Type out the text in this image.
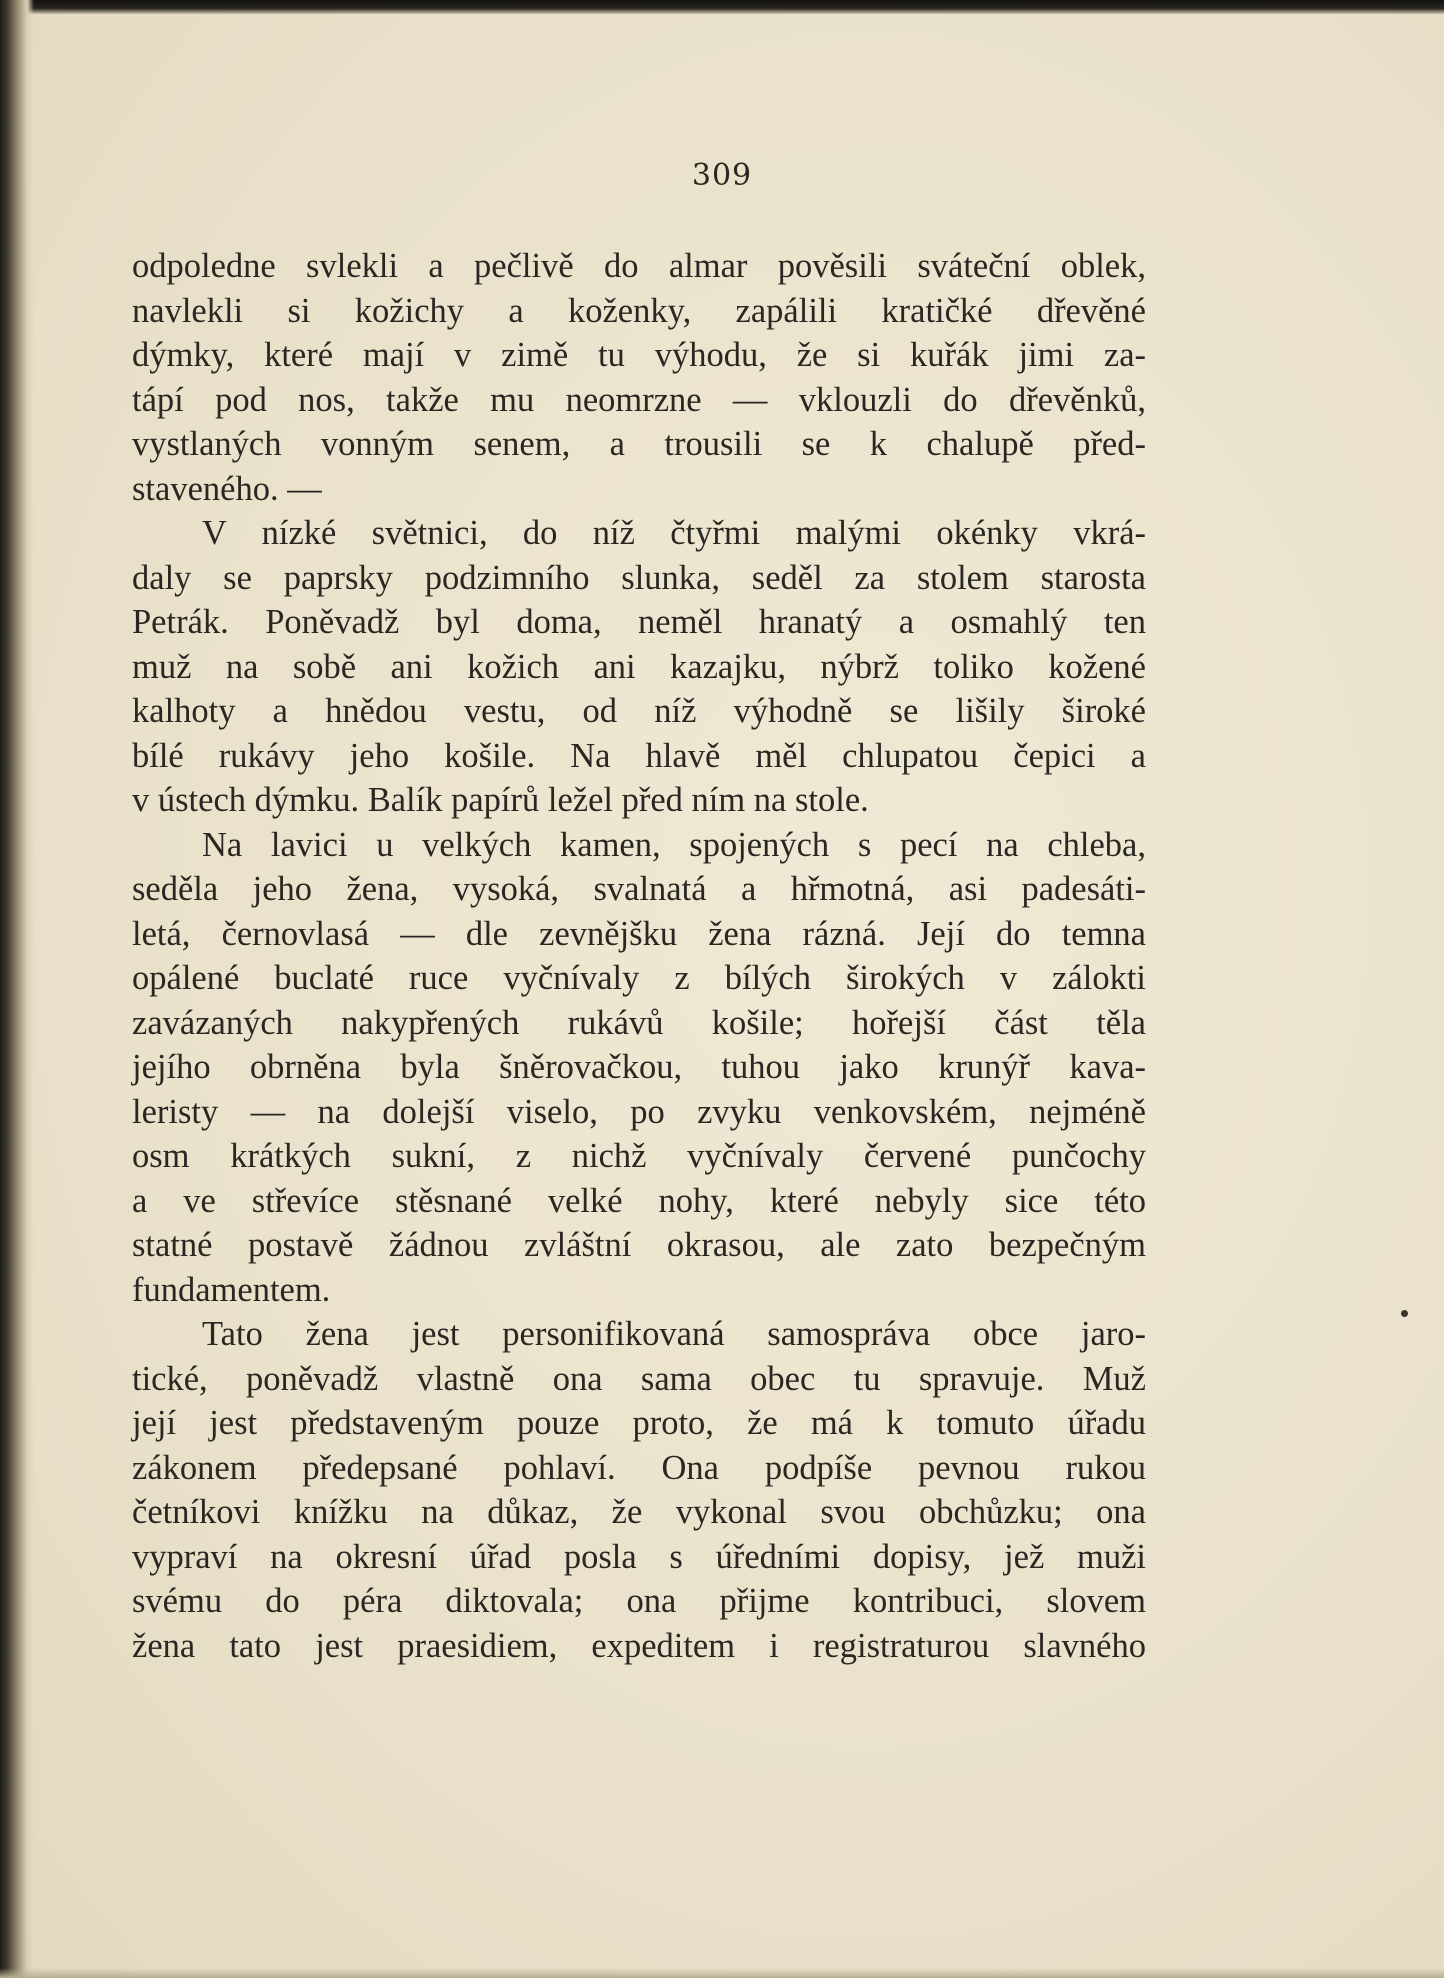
309
odpoledne svlekli a pečlivě do almar pověsili sváteční oblek,
navlekli si kožichy a koženky, zapálili kratičké dřevěné
dýmky, které mají v zimě tu výhodu, že si kuřák jimi za-
tápí pod nos, takže mu neomrzne — vklouzli do dřevěnků,
vystlaných vonným senem, a trousili se k chalupě před-
staveného. —
V nízké světnici, do níž čtyřmi malými okénky vkrá-
daly se paprsky podzimního slunka, seděl za stolem starosta
Petrák. Poněvadž byl doma, neměl hranatý a osmahlý ten
muž na sobě ani kožich ani kazajku, nýbrž toliko kožené
kalhoty a hnědou vestu, od níž výhodně se lišily široké
bílé rukávy jeho košile. Na hlavě měl chlupatou čepici a
v ústech dýmku. Balík papírů ležel před ním na stole.
Na lavici u velkých kamen, spojených s pecí na chleba,
seděla jeho žena, vysoká, svalnatá a hřmotná, asi padesáti-
letá, černovlasá — dle zevnějšku žena rázná. Její do temna
opálené buclaté ruce vyčnívaly z bílých širokých v zálokti
zavázaných nakypřených rukávů košile; hořejší část těla
jejího obrněna byla šněrovačkou, tuhou jako krunýř kava-
leristy — na dolejší viselo, po zvyku venkovském, nejméně
osm krátkých sukní, z nichž vyčnívaly červené punčochy
a ve střevíce stěsnané velké nohy, které nebyly sice této
statné postavě žádnou zvláštní okrasou, ale zato bezpečným
fundamentem.
Tato žena jest personifikovaná samospráva obce jaro-
tické, poněvadž vlastně ona sama obec tu spravuje. Muž
její jest představeným pouze proto, že má k tomuto úřadu
zákonem předepsané pohlaví. Ona podpíše pevnou rukou
četníkovi knížku na důkaz, že vykonal svou obchůzku; ona
vypraví na okresní úřad posla s úředními dopisy, jež muži
svému do péra diktovala; ona přijme kontribuci, slovem
žena tato jest praesidiem, expeditem i registraturou slavného
